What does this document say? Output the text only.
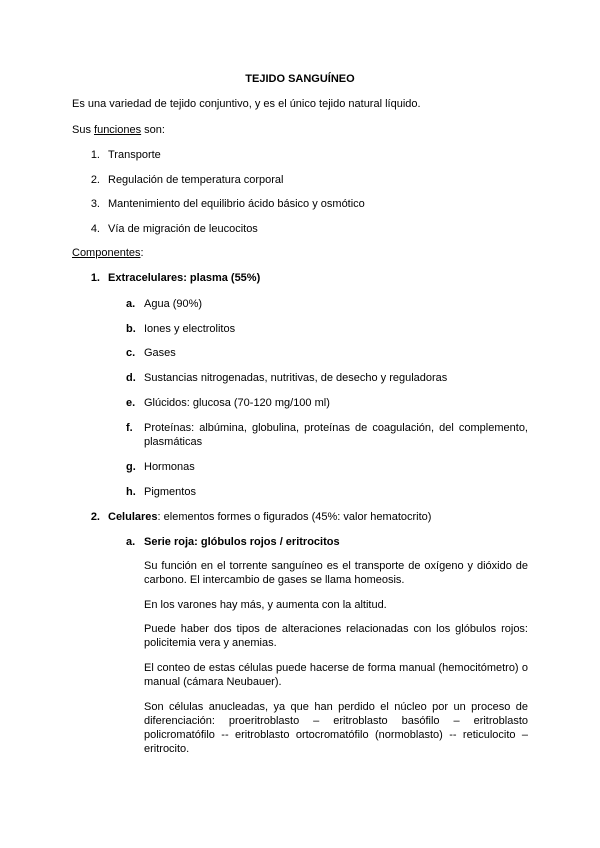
TEJIDO SANGUÍNEO
Es una variedad de tejido conjuntivo, y es el único tejido natural líquido.
Sus funciones son:
1. Transporte
2. Regulación de temperatura corporal
3. Mantenimiento del equilibrio ácido básico y osmótico
4. Vía de migración de leucocitos
Componentes:
1. Extracelulares: plasma (55%)
a. Agua (90%)
b. Iones y electrolitos
c. Gases
d. Sustancias nitrogenadas, nutritivas, de desecho y reguladoras
e. Glúcidos: glucosa (70-120 mg/100 ml)
f.	Proteínas: albúmina, globulina, proteínas de coagulación, del complemento, plasmáticas
g. Hormonas
h. Pigmentos
2. Celulares: elementos formes o figurados (45%: valor hematocrito)
a. Serie roja: glóbulos rojos / eritrocitos
Su función en el torrente sanguíneo es el transporte de oxígeno y dióxido de carbono. El intercambio de gases se llama homeosis.
En los varones hay más, y aumenta con la altitud.
Puede haber dos tipos de alteraciones relacionadas con los glóbulos rojos: policitemia vera y anemias.
El conteo de estas células puede hacerse de forma manual (hemocitómetro) o manual (cámara Neubauer).
Son células anucleadas, ya que han perdido el núcleo por un proceso de diferenciación: proeritroblasto – eritroblasto basófilo – eritroblasto policromatófilo -- eritroblasto ortocromatófilo (normoblasto) -- reticulocito – eritrocito.
